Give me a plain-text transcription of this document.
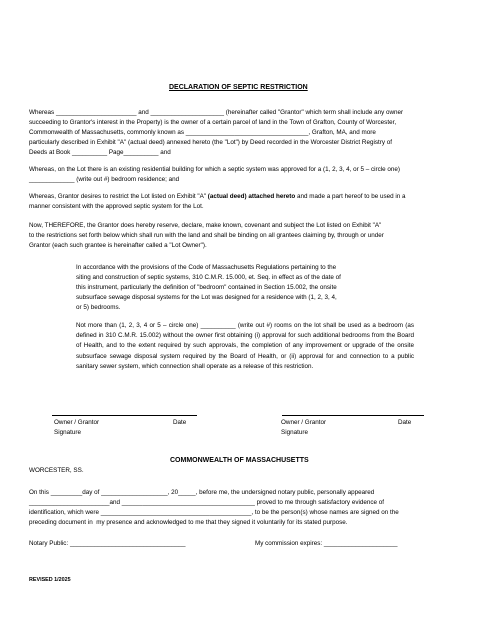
DECLARATION OF SEPTIC RESTRICTION
Whereas _______________________ and _____________________ (hereinafter called "Grantor" which term shall include any owner
succeeding to Grantor's interest in the Property) is the owner of a certain parcel of land in the Town of Grafton, County of Worcester,
Commonwealth of Massachusetts, commonly known as ___________________________________, Grafton, MA, and more
particularly described in Exhibit "A" (actual deed) annexed hereto (the "Lot") by Deed recorded in the Worcester District Registry of
Deeds at Book __________ Page__________ and
Whereas, on the Lot there is an existing residential building for which a septic system was approved for a (1, 2, 3, 4, or 5 – circle one)
_____________ (write out #) bedroom residence; and
Whereas, Grantor desires to restrict the Lot listed on Exhibit "A" (actual deed) attached hereto and made a part hereof to be used in a
manner consistent with the approved septic system for the Lot.
Now, THEREFORE, the Grantor does hereby reserve, declare, make known, covenant and subject the Lot listed on Exhibit "A"
to the restrictions set forth below which shall run with the land and shall be binding on all grantees claiming by, through or under
Grantor (each such grantee is hereinafter called a "Lot Owner").
In accordance with the provisions of the Code of Massachusetts Regulations pertaining to the
siting and construction of septic systems, 310 C.M.R. 15.000, et. Seq. in effect as of the date of
this instrument, particularly the definition of "bedroom" contained in Section 15.002, the onsite
subsurface sewage disposal systems for the Lot was designed for a residence with (1, 2, 3, 4,
or 5) bedrooms.
Not more than (1, 2, 3, 4 or 5 – circle one) __________ (write out #) rooms on the lot shall be used as a bedroom (as defined in 310 C.M.R. 15.002) without the owner first obtaining (i) approval for such additional bedrooms from the Board of Health, and to the extent required by such approvals, the completion of any improvement or upgrade of the onsite subsurface sewage disposal system required by the Board of Health, or (ii) approval for and connection to a public sanitary sewer system, which connection shall operate as a release of this restriction.
Owner / Grantor
Signature
Date	Owner / Grantor
Signature
Date
COMMONWEALTH OF MASSACHUSETTS
WORCESTER, SS.
On this _________day of ___________________, 20_____, before me, the undersigned notary public, personally appeared
_______________________and ______________________________________ proved to me through satisfactory evidence of
identification, which were ___________________________________________, to be the person(s) whose names are signed on the
preceding document in  my presence and acknowledged to me that they signed it voluntarily for its stated purpose.
Notary Public: _________________________________	My commission expires: _____________________
REVISED 1/2025
